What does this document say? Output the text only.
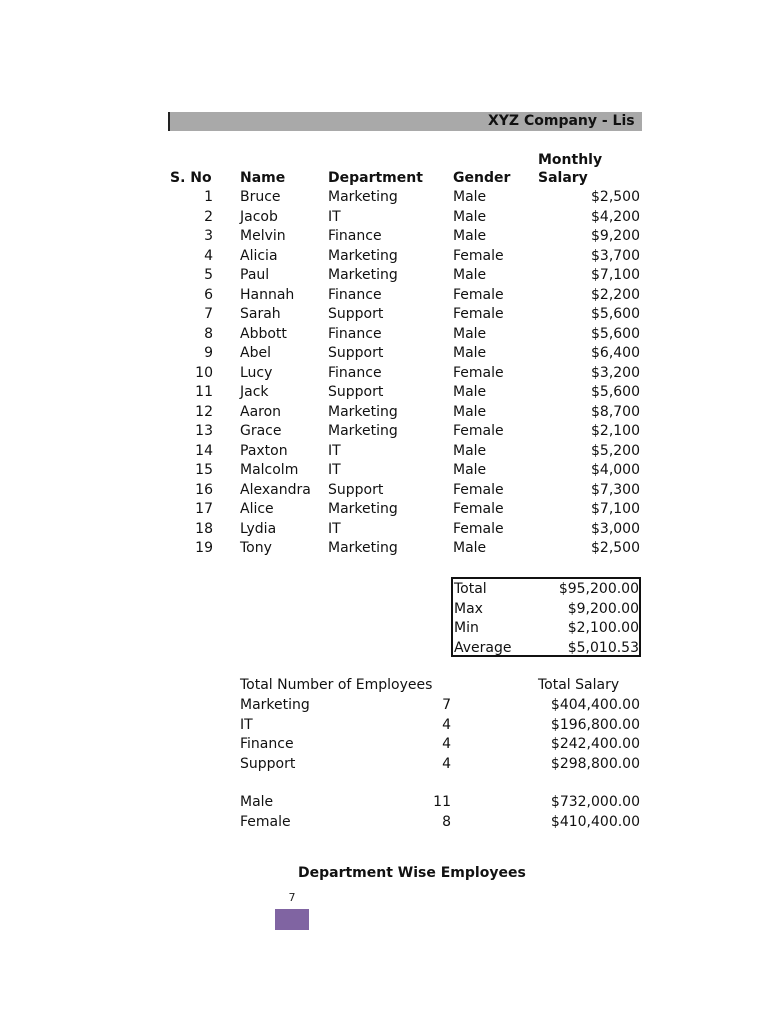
XYZ Company - Lis
Monthly
S. No Name	Department Gender Salary
1 Bruce	Marketing	Male	$2,500
2 Jacob	IT	Male	$4,200
3 Melvin	Finance	Male	$9,200
4 Alicia	Marketing	Female	$3,700
5 Paul	Marketing	Male	$7,100
6 Hannah Finance	Female	$2,200
7 Sarah	Support	Female	$5,600
8 Abbott	Finance	Male	$5,600
9 Abel	Support	Male	$6,400
10 Lucy	Finance	Female	$3,200
11 Jack	Support	Male	$5,600
12 Aaron	Marketing	Male	$8,700
13 Grace	Marketing	Female	$2,100
14 Paxton	IT	Male	$5,200
15 Malcolm IT	Male	$4,000
16 Alexandra Support	Female	$7,300
17 Alice	Marketing	Female	$7,100
18 Lydia	IT	Female	$3,000
19 Tony	Marketing	Male	$2,500
Total	$95,200.00
Max	$9,200.00
Min	$2,100.00
Average	$5,010.53
Total Number of Employees	Total Salary
Marketing	7	$404,400.00
IT	4	$196,800.00
Finance	4	$242,400.00
Support	4	$298,800.00
Male	11	$732,000.00
Female	8	$410,400.00
Department Wise Employees
7
